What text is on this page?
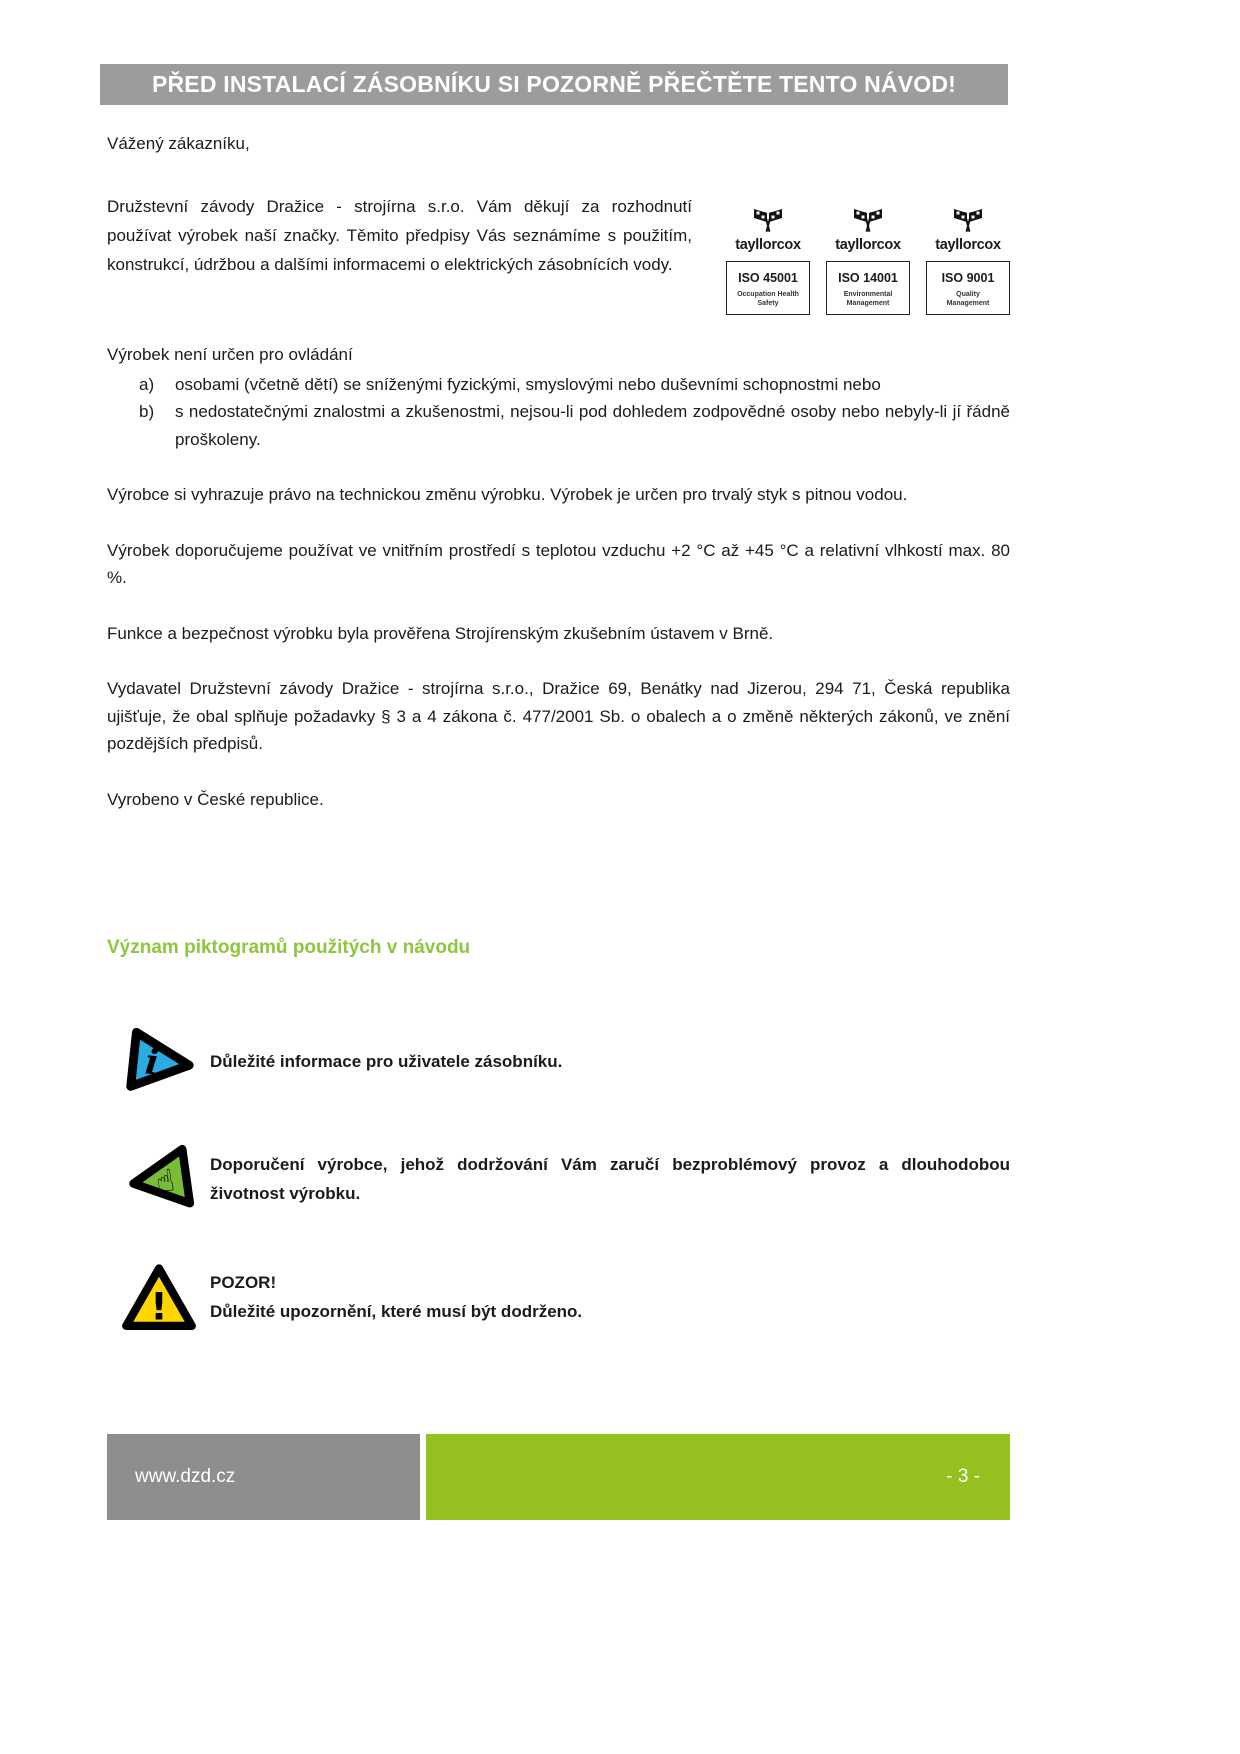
PŘED INSTALACÍ ZÁSOBNÍKU SI POZORNĚ PŘEČTĚTE TENTO NÁVOD!

Vážený zákazníku,

Družstevní závody Dražice - strojírna s.r.o. Vám děkují za rozhodnutí používat výrobek naší značky. Těmito předpisy Vás seznámíme s použitím, konstrukcí, údržbou a dalšími informacemi o elektrických zásobnících vody.

tayllorcox
ISO 45001
Occupation Health Safety
tayllorcox
ISO 14001
Environmental Management
tayllorcox
ISO 9001
Quality Management

Výrobek není určen pro ovládání

a)	osobami (včetně dětí) se sníženými fyzickými, smyslovými nebo duševními schopnostmi nebo
b)	s nedostatečnými znalostmi a zkušenostmi, nejsou-li pod dohledem zodpovědné osoby nebo nebyly-li jí řádně proškoleny.

Výrobce si vyhrazuje právo na technickou změnu výrobku. Výrobek je určen pro trvalý styk s pitnou vodou.

Výrobek doporučujeme používat ve vnitřním prostředí s teplotou vzduchu +2 °C až +45 °C a relativní vlhkostí max. 80 %.

Funkce a bezpečnost výrobku byla prověřena Strojírenským zkušebním ústavem v Brně.

Vydavatel Družstevní závody Dražice - strojírna s.r.o., Dražice 69, Benátky nad Jizerou, 294 71, Česká republika ujišťuje, že obal splňuje požadavky § 3 a 4 zákona č. 477/2001 Sb. o obalech a o změně některých zákonů, ve znění pozdějších předpisů.

Vyrobeno v České republice.

Význam piktogramů použitých v návodu
i	Důležité informace pro uživatele zásobníku.

☝ Doporučení výrobce, jehož dodržování Vám zaručí bezproblémový provoz a dlouhodobou životnost výrobku.

!

POZOR!

Důležité upozornění, které musí být dodrženo.

www.dzd.cz	- 3 -
